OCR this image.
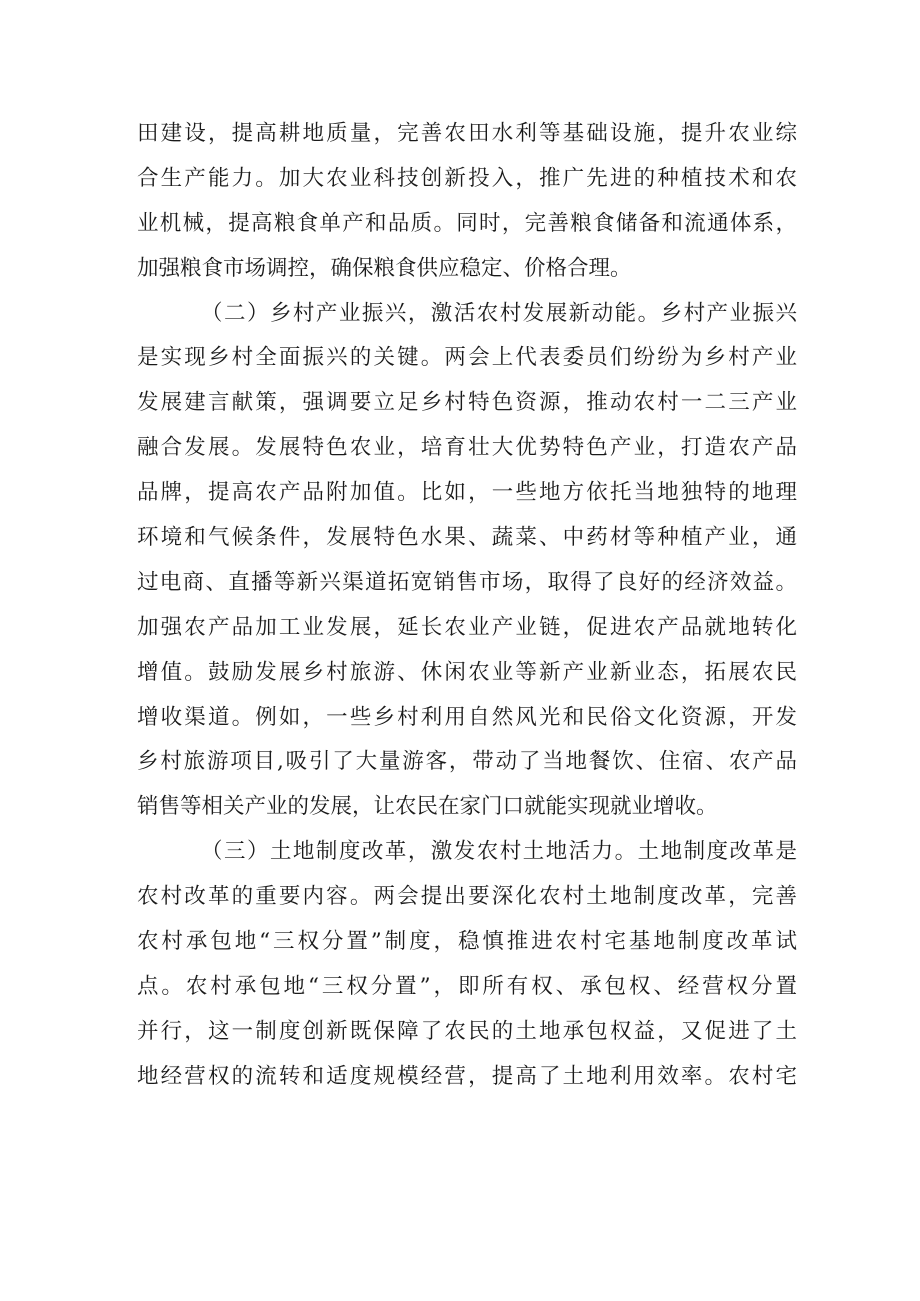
田建设，提高耕地质量，完善农田水利等基础设施，提升农业综
合生产能力。加大农业科技创新投入，推广先进的种植技术和农
业机械，提高粮食单产和品质。同时，完善粮食储备和流通体系，
加强粮食市场调控，确保粮食供应稳定、价格合理。
（二）乡村产业振兴，激活农村发展新动能。乡村产业振兴
是实现乡村全面振兴的关键。两会上代表委员们纷纷为乡村产业
发展建言献策，强调要立足乡村特色资源，推动农村一二三产业
融合发展。发展特色农业，培育壮大优势特色产业，打造农产品
品牌，提高农产品附加值。比如，一些地方依托当地独特的地理
环境和气候条件，发展特色水果、蔬菜、中药材等种植产业，通
过电商、直播等新兴渠道拓宽销售市场，取得了良好的经济效益。
加强农产品加工业发展，延长农业产业链，促进农产品就地转化
增值。鼓励发展乡村旅游、休闲农业等新产业新业态，拓展农民
增收渠道。例如，一些乡村利用自然风光和民俗文化资源，开发
乡村旅游项目,吸引了大量游客，带动了当地餐饮、住宿、农产品
销售等相关产业的发展，让农民在家门口就能实现就业增收。
（三）土地制度改革，激发农村土地活力。土地制度改革是
农村改革的重要内容。两会提出要深化农村土地制度改革，完善
农村承包地“三权分置”制度，稳慎推进农村宅基地制度改革试
点。农村承包地“三权分置”，即所有权、承包权、经营权分置
并行，这一制度创新既保障了农民的土地承包权益，又促进了土
地经营权的流转和适度规模经营，提高了土地利用效率。农村宅
